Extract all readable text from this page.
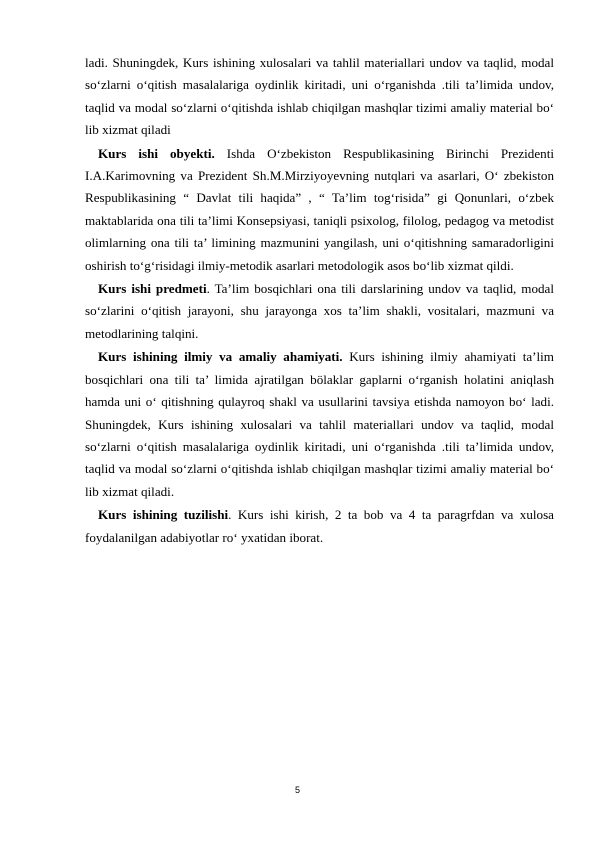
ladi. Shuningdek, Kurs ishining xulosalari va tahlil materiallari undov va taqlid, modal so‘zlarni o‘qitish masalalariga oydinlik kiritadi, uni o‘rganishda .tili ta’limida undov, taqlid va modal so‘zlarni o‘qitishda ishlab chiqilgan mashqlar tizimi amaliy material bo‘ lib xizmat qiladi

Kurs ishi obyekti. Ishda O‘zbekiston Respublikasining Birinchi Prezidenti I.A.Karimovning va Prezident Sh.M.Mirziyoyevning nutqlari va asarlari, O‘ zbekiston Respublikasining “ Davlat tili haqida” , “ Ta’lim tog‘risida” gi Qonunlari, o‘zbek maktablarida ona tili ta’limi Konsepsiyasi, taniqli psixolog, filolog, pedagog va metodist olimlarning ona tili ta’ limining mazmunini yangilash, uni o‘qitishning samaradorligini oshirish to‘g‘risidagi ilmiy-metodik asarlari metodologik asos bo‘lib xizmat qildi.

Kurs ishi predmeti. Ta’lim bosqichlari ona tili darslarining undov va taqlid, modal so‘zlarini o‘qitish jarayoni, shu jarayonga xos ta’lim shakli, vositalari, mazmuni va metodlarining talqini.

Kurs ishining ilmiy va amaliy ahamiyati. Kurs ishining ilmiy ahamiyati ta’lim bosqichlari ona tili ta’ limida ajratilgan bölaklar gaplarni o‘rganish holatini aniqlash hamda uni o‘ qitishning qulayroq shakl va usullarini tavsiya etishda namoyon bo‘ ladi. Shuningdek, Kurs ishining xulosalari va tahlil materiallari undov va taqlid, modal so‘zlarni o‘qitish masalalariga oydinlik kiritadi, uni o‘rganishda .tili ta’limida undov, taqlid va modal so‘zlarni o‘qitishda ishlab chiqilgan mashqlar tizimi amaliy material bo‘ lib xizmat qiladi.

Kurs ishining tuzilishi. Kurs ishi kirish, 2 ta bob va 4 ta paragrfdan va xulosa foydalanilgan adabiyotlar ro‘ yxatidan iborat.

5
